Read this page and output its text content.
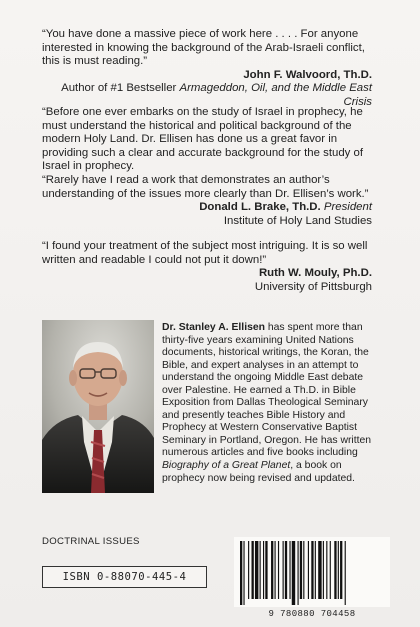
“You have done a massive piece of work here . . . . For anyone interested in knowing the background of the Arab-Israeli conflict, this is must reading.”

John F. Walvoord, Th.D.

Author of #1 Bestseller Armageddon, Oil, and the Middle East Crisis

“Before one ever embarks on the study of Israel in prophecy, he must understand the historical and political background of the modern Holy Land. Dr. Ellisen has done us a great favor in providing such a clear and accurate background for the study of Israel in prophecy.

“Rarely have I read a work that demonstrates an author’s understanding of the issues more clearly than Dr. Ellisen’s work.”

Donald L. Brake, Th.D. President

Institute of Holy Land Studies

“I found your treatment of the subject most intriguing. It is so well written and readable I could not put it down!”

Ruth W. Mouly, Ph.D.

University of Pittsburgh

Dr. Stanley A. Ellisen has spent more than thirty-five years examining United Nations documents, historical writings, the Koran, the Bible, and expert analyses in an attempt to understand the ongoing Middle East debate over Palestine. He earned a Th.D. in Bible Exposition from Dallas Theological Seminary and presently teaches Bible History and Prophecy at Western Conservative Baptist Seminary in Portland, Oregon. He has written numerous articles and five books including Biography of a Great Planet, a book on prophecy now being revised and updated.
DOCTRINAL ISSUES
ISBN 0-88070-445-4
9 780880 704458
